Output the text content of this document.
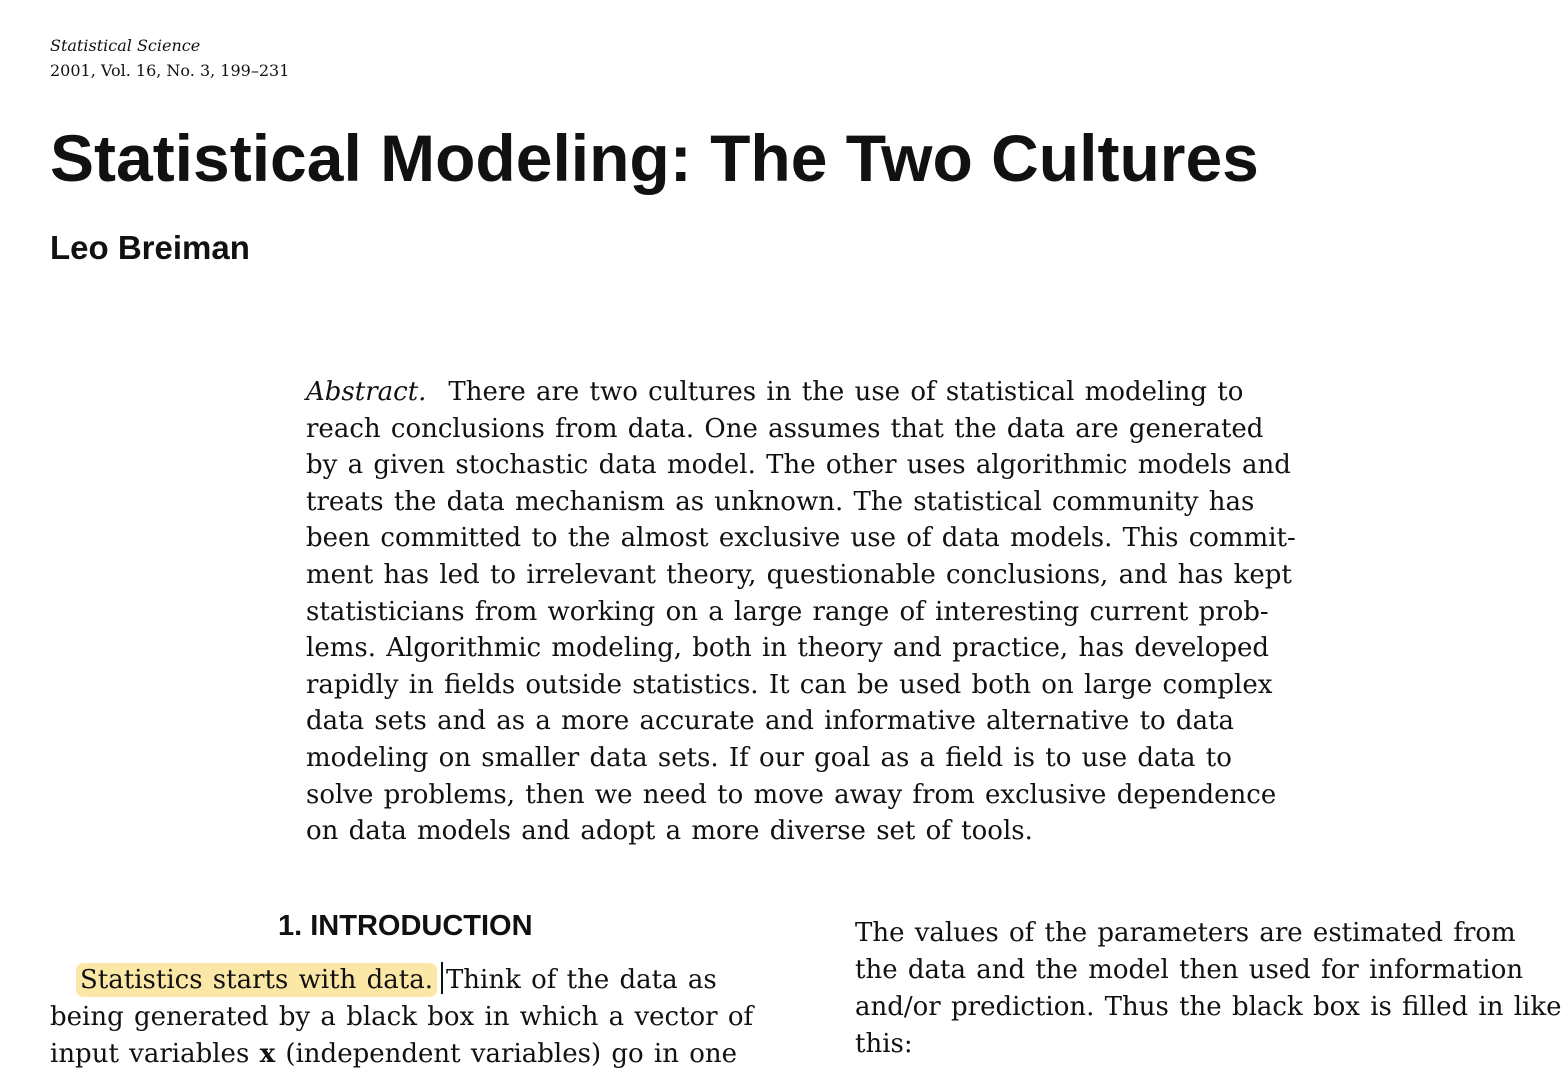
Statistical Science
2001, Vol. 16, No. 3, 199–231
Statistical Modeling: The Two Cultures
Leo Breiman
Abstract. There are two cultures in the use of statistical modeling to
reach conclusions from data. One assumes that the data are generated
by a given stochastic data model. The other uses algorithmic models and
treats the data mechanism as unknown. The statistical community has
been committed to the almost exclusive use of data models. This commit-
ment has led to irrelevant theory, questionable conclusions, and has kept
statisticians from working on a large range of interesting current prob-
lems. Algorithmic modeling, both in theory and practice, has developed
rapidly in fields outside statistics. It can be used both on large complex
data sets and as a more accurate and informative alternative to data
modeling on smaller data sets. If our goal as a field is to use data to
solve problems, then we need to move away from exclusive dependence
on data models and adopt a more diverse set of tools.
1. INTRODUCTION
Statistics starts with data. Think of the data as
being generated by a black box in which a vector of
input variables x (independent variables) go in one
The values of the parameters are estimated from
the data and the model then used for information
and/or prediction. Thus the black box is filled in like
this:
